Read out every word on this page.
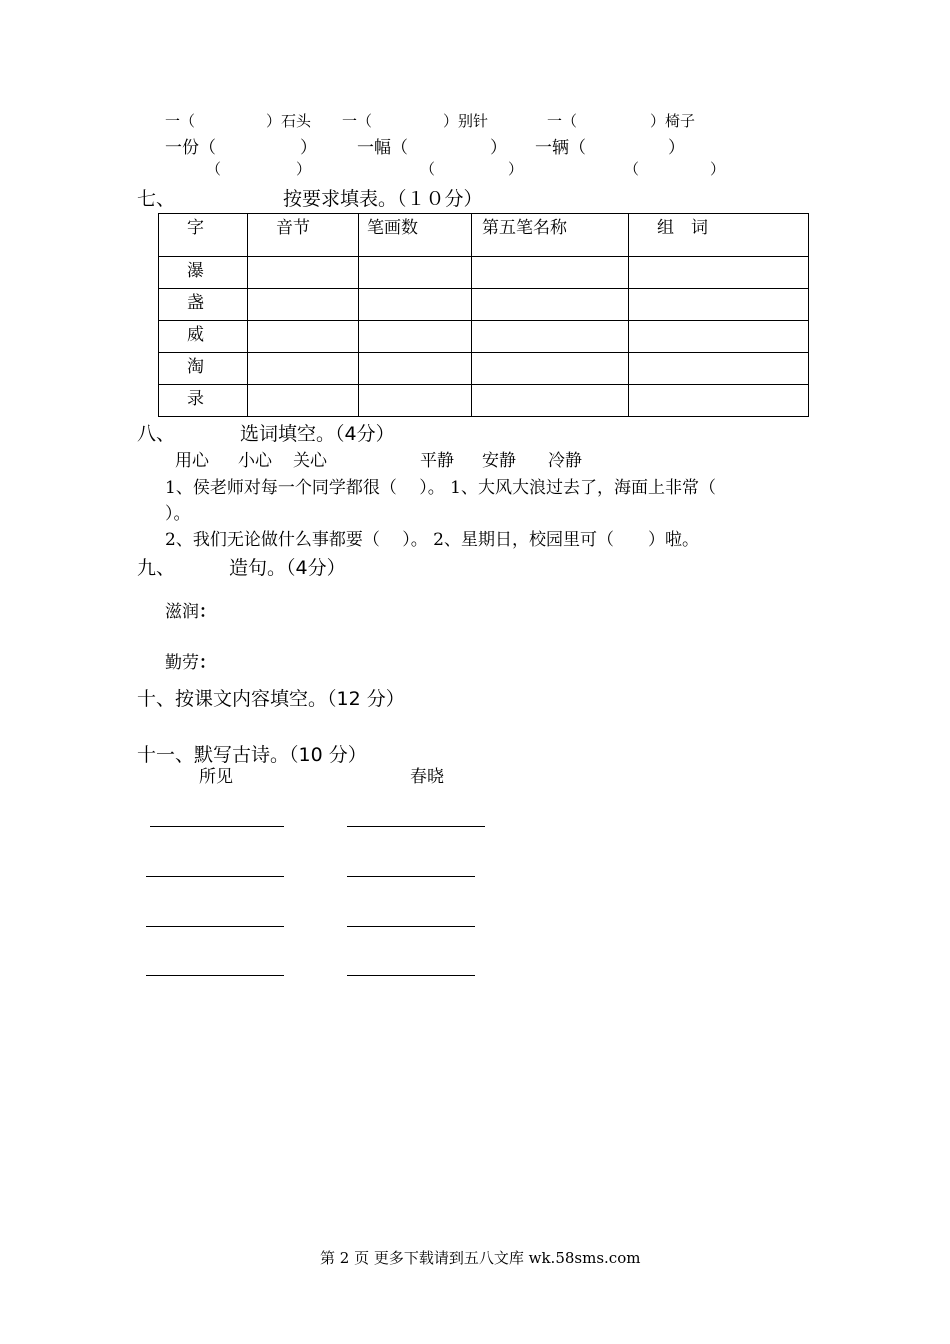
一（	）石头 一（	）别针	一（	）椅子
一份（	） 一幅（	） 一辆（	）
（	）	（	）	（	）
七、	按要求填表。（１０分）
字	音节	笔画数	第五笔名称	组　词
瀑				
盏				
威				
淘				
录				
八、	选词填空。（4分）
用心 小心 关心	平静 安静 冷静
1、侯老师对每一个同学都很（　 ）。 1、大风大浪过去了，海面上非常（
）。
2、我们无论做什么事都要（　 ）。 2、星期日，校园里可（　　）啦。
九、	造句。（4分）
滋润：
勤劳：
十、按课文内容填空。（12 分）
十一、默写古诗。（10 分）
所见	春晓
第 2 页 更多下载请到五八文库 wk.58sms.com
